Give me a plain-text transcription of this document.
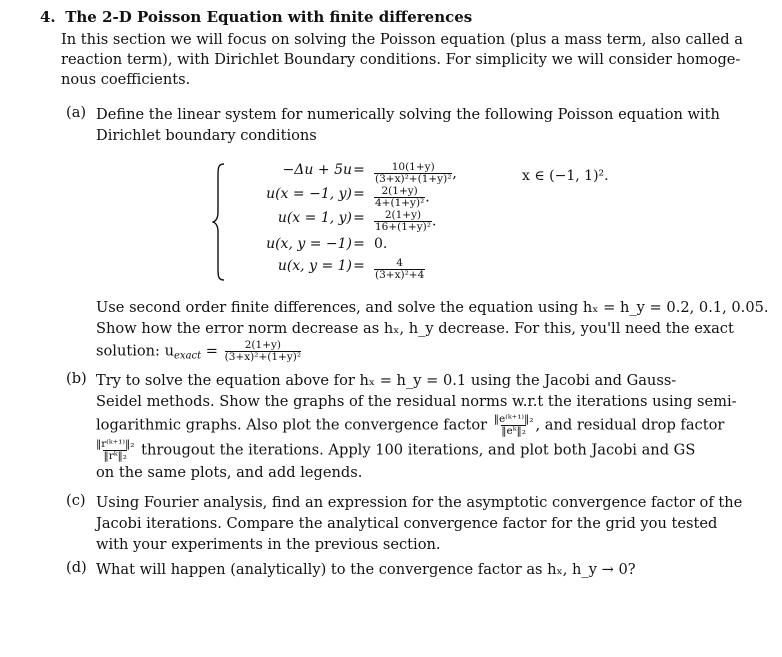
4. The 2-D Poisson Equation with finite differences
In this section we will focus on solving the Poisson equation (plus a mass term, also called a
reaction term), with Dirichlet Boundary conditions. For simplicity we will consider homoge-
nous coefficients.
(a) Define the linear system for numerically solving the following Poisson equation with
Dirichlet boundary conditions
$-\Delta u + 5u = \frac{10(1+y)}{\text{(3+x)²+(1+y)²}}$ ,	x ∈ (−1, 1)².
u(x = −1, $y) = \frac{2(1+y)}{\text{4+(1+y)²}}$ .
u(x = 1, $y) = \frac{2(1+y)}{\text{16+(1+y)²}}$ .
u(x, y = −1) = 0.
u(x, $y = 1) = \frac{4}{\text{(3+x)²+4}}$
Use second order finite differences, and solve the equation using hₓ = h_y = 0.2, 0.1, 0.05.
Show how the error norm decrease as hₓ, h_y decrease. For this, you'll need the exact
solution: $u_{exact} = \frac{2(1+y)}{\text{(3+x)²+(1+y)²}}$
(b) Try to solve the equation above for hₓ = h_y = 0.1 using the Jacobi and Gauss-
Seidel methods. Show the graphs of the residual norms w.r.t the iterations using semi-
logarithmic graphs. Also plot the convergence factor $\frac{\text{‖e⁽ᵏ⁺¹⁾‖₂}}{\text{‖eᵏ‖₂}}$ , and residual drop factor
$\frac{\text{‖r⁽ᵏ⁺¹⁾‖₂}}{\text{‖rᵏ‖₂}}$ througout the iterations. Apply 100 iterations, and plot both Jacobi and GS
on the same plots, and add legends.
(c) Using Fourier analysis, find an expression for the asymptotic convergence factor of the
Jacobi iterations. Compare the analytical convergence factor for the grid you tested
with your experiments in the previous section.
(d) What will happen (analytically) to the convergence factor as hₓ, h_y → 0?
